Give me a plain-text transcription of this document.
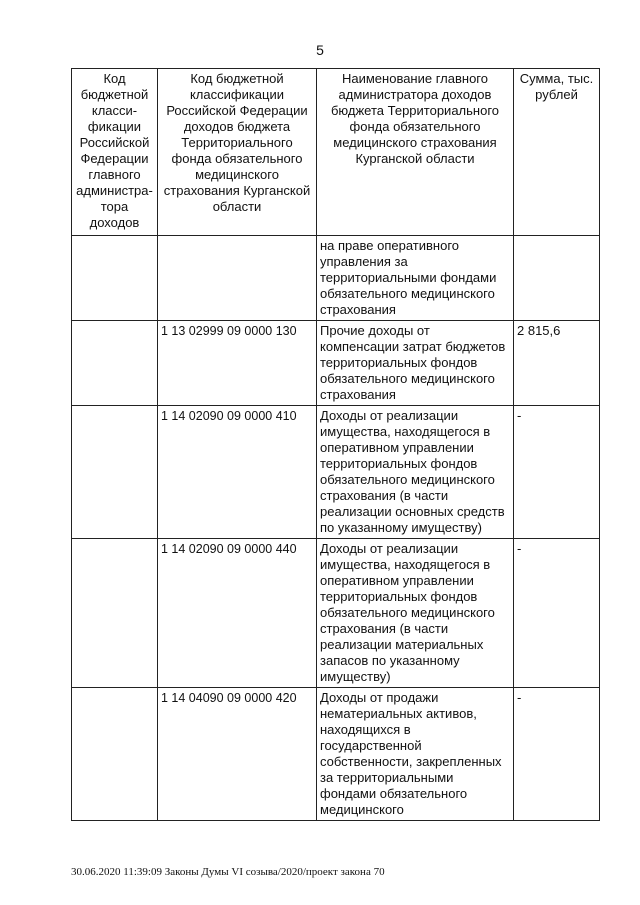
5
Код бюджетной класси- фикации Российской Федерации главного администра- тора доходов	Код бюджетной классификации Российской Федерации доходов бюджета Территориального фонда обязательного медицинского страхования Курганской области	Наименование главного администратора доходов бюджета Территориального фонда обязательного медицинского страхования Курганской области	Сумма, тыс. рублей
		на праве оперативного управления за территориальными фондами обязательного медицинского страхования	
	1 13 02999 09 0000 130	Прочие доходы от компенсации затрат бюджетов территориальных фондов обязательного медицинского страхования	2 815,6
	1 14 02090 09 0000 410	Доходы от реализации имущества, находящегося в оперативном управлении территориальных фондов обязательного медицинского страхования (в части реализации основных средств по указанному имуществу)	-
	1 14 02090 09 0000 440	Доходы от реализации имущества, находящегося в оперативном управлении территориальных фондов обязательного медицинского страхования (в части реализации материальных запасов по указанному имуществу)	-
	1 14 04090 09 0000 420	Доходы от продажи нематериальных активов, находящихся в государственной собственности, закрепленных за территориальными фондами обязательного медицинского	-
30.06.2020 11:39:09 Законы Думы VI созыва/2020/проект закона 70
